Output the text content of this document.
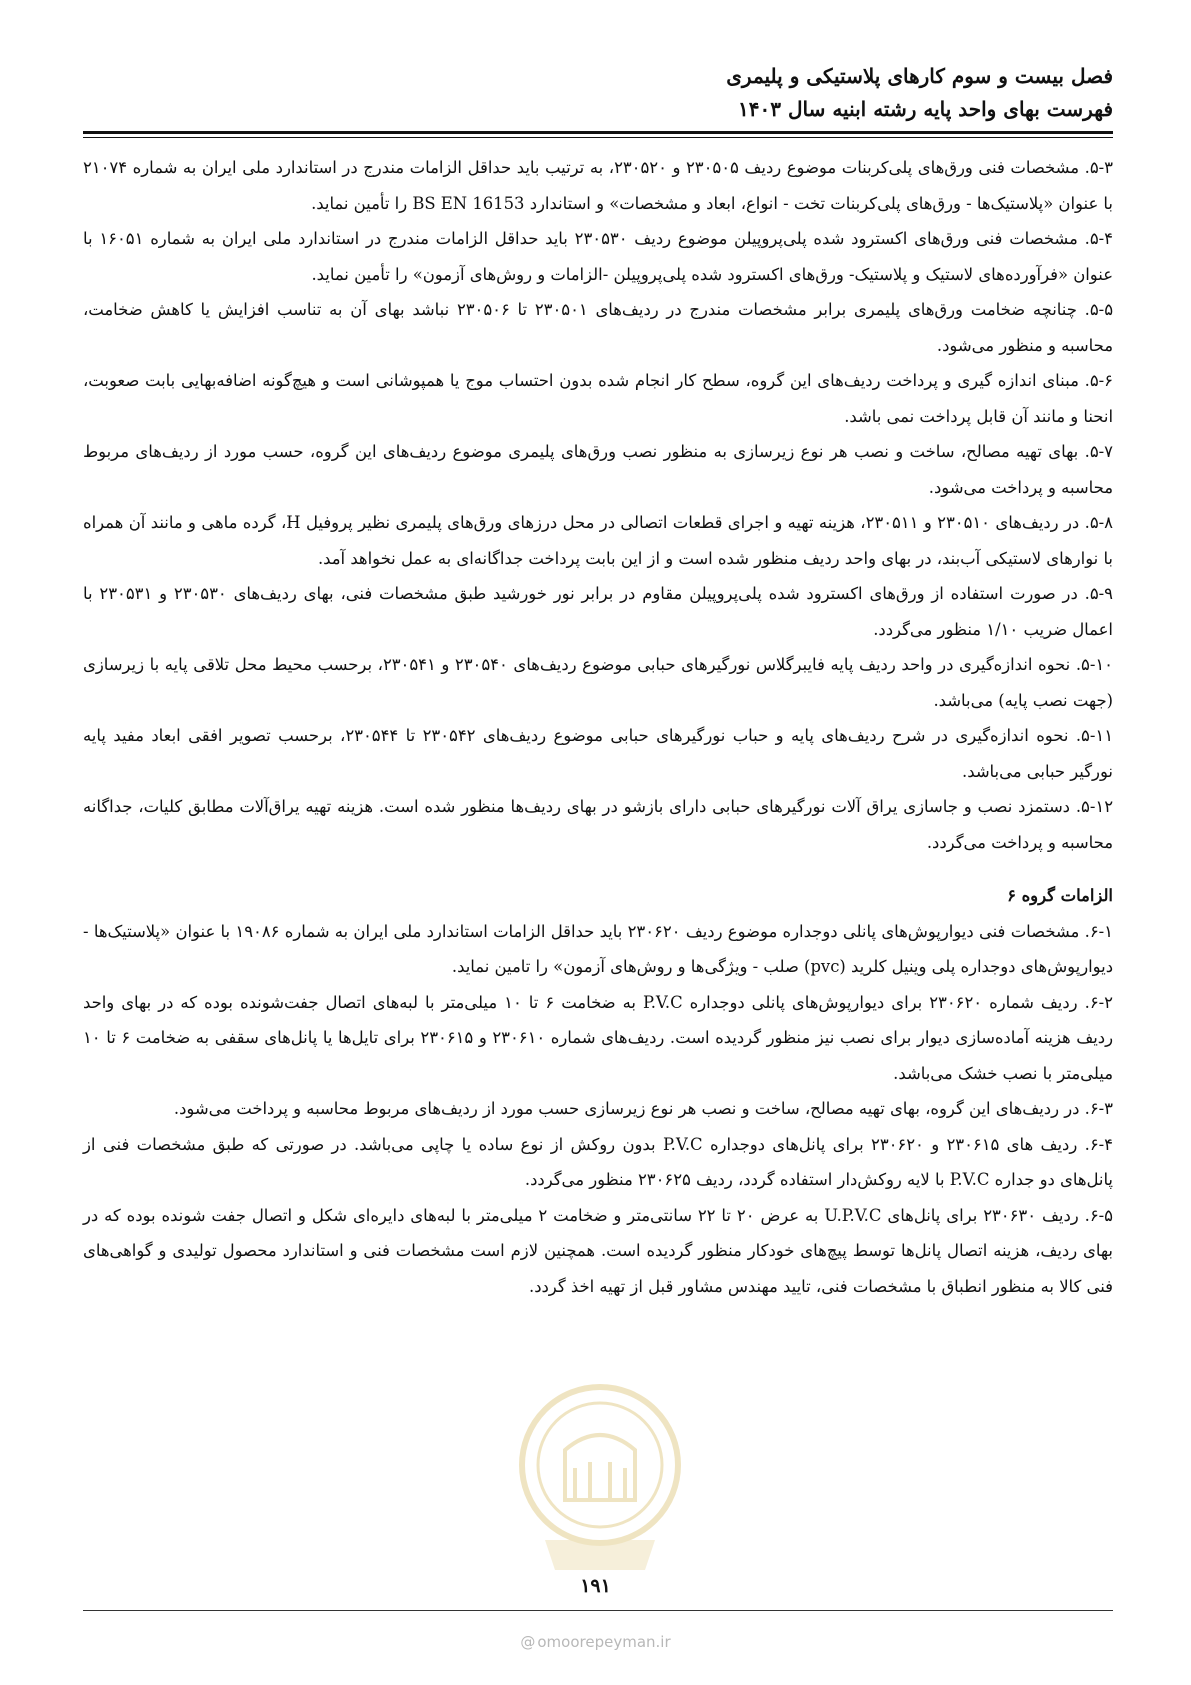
فصل بیست و سوم کارهای پلاستیکی و پلیمری
فهرست بهای واحد پایه رشته ابنیه سال ۱۴۰۳

۵-۳. مشخصات فنی ورق‌های پلی‌کربنات موضوع ردیف ۲۳۰۵۰۵ و ۲۳۰۵۲۰، به ترتیب باید حداقل الزامات مندرج در استاندارد ملی ایران به شماره ۲۱۰۷۴ با عنوان «پلاستیک‌ها - ورق‌های پلی‌کربنات تخت - انواع، ابعاد و مشخصات» و استاندارد BS EN 16153 را تأمین نماید.

۵-۴. مشخصات فنی ورق‌های اکسترود شده پلی‌پروپیلن موضوع ردیف ۲۳۰۵۳۰ باید حداقل الزامات مندرج در استاندارد ملی ایران به شماره ۱۶۰۵۱ با عنوان «فرآورده‌های لاستیک و پلاستیک- ورق‌های اکسترود شده پلی‌پروپیلن -الزامات و روش‌های آزمون» را تأمین نماید.

۵-۵. چنانچه ضخامت ورق‌های پلیمری برابر مشخصات مندرج در ردیف‌های ۲۳۰۵۰۱ تا ۲۳۰۵۰۶ نباشد بهای آن به تناسب افزایش یا کاهش ضخامت، محاسبه و منظور می‌شود.

۵-۶. مبنای اندازه گیری و پرداخت ردیف‌های این گروه، سطح کار انجام شده بدون احتساب موج یا همپوشانی است و هیچ‌گونه اضافه‌بهایی بابت صعوبت، انحنا و مانند آن قابل پرداخت نمی باشد.

۵-۷. بهای تهیه مصالح، ساخت و نصب هر نوع زیرسازی به منظور نصب ورق‌های پلیمری موضوع ردیف‌های این گروه، حسب مورد از ردیف‌های مربوط محاسبه و پرداخت می‌شود.

۵-۸. در ردیف‌های ۲۳۰۵۱۰ و ۲۳۰۵۱۱، هزینه تهیه و اجرای قطعات اتصالی در محل درزهای ورق‌های پلیمری نظیر پروفیل H، گرده ماهی و مانند آن همراه با نوارهای لاستیکی آب‌بند، در بهای واحد ردیف منظور شده است و از این بابت پرداخت جداگانه‌ای به عمل نخواهد آمد.

۵-۹. در صورت استفاده از ورق‌های اکسترود شده پلی‌پروپیلن مقاوم در برابر نور خورشید طبق مشخصات فنی، بهای ردیف‌های ۲۳۰۵۳۰ و ۲۳۰۵۳۱ با اعمال ضریب ۱/۱۰ منظور می‌گردد.

۵-۱۰. نحوه اندازه‌گیری در واحد ردیف پایه فایبرگلاس نورگیرهای حبابی موضوع ردیف‌های ۲۳۰۵۴۰ و ۲۳۰۵۴۱، برحسب محیط محل تلاقی پایه با زیرسازی (جهت نصب پایه) می‌باشد.

۵-۱۱. نحوه اندازه‌گیری در شرح ردیف‌های پایه و حباب نورگیرهای حبابی موضوع ردیف‌های ۲۳۰۵۴۲ تا ۲۳۰۵۴۴، برحسب تصویر افقی ابعاد مفید پایه نورگیر حبابی می‌باشد.

۵-۱۲. دستمزد نصب و جاسازی یراق آلات نورگیرهای حبابی دارای بازشو در بهای ردیف‌ها منظور شده است. هزینه تهیه یراق‌آلات مطابق کلیات، جداگانه محاسبه و پرداخت می‌گردد.

الزامات گروه ۶

۶-۱. مشخصات فنی دیوارپوش‌های پانلی دوجداره موضوع ردیف ۲۳۰۶۲۰ باید حداقل الزامات استاندارد ملی ایران به شماره ۱۹۰۸۶ با عنوان «پلاستیک‌ها - دیوارپوش‌های دوجداره پلی وینیل کلرید (pvc) صلب - ویژگی‌ها و روش‌های آزمون» را تامین نماید.

۶-۲. ردیف شماره ۲۳۰۶۲۰ برای دیوارپوش‌های پانلی دوجداره P.V.C به ضخامت ۶ تا ۱۰ میلی‌متر با لبه‌های اتصال جفت‌شونده بوده که در بهای واحد ردیف هزینه آماده‌سازی دیوار برای نصب نیز منظور گردیده است. ردیف‌های شماره ۲۳۰۶۱۰ و ۲۳۰۶۱۵ برای تایل‌ها یا پانل‌های سقفی به ضخامت ۶ تا ۱۰ میلی‌متر با نصب خشک می‌باشد.

۶-۳. در ردیف‌های این گروه، بهای تهیه مصالح، ساخت و نصب هر نوع زیرسازی حسب مورد از ردیف‌های مربوط محاسبه و پرداخت می‌شود.

۶-۴. ردیف های ۲۳۰۶۱۵ و ۲۳۰۶۲۰ برای پانل‌های دوجداره P.V.C بدون روکش از نوع ساده یا چاپی می‌باشد. در صورتی که طبق مشخصات فنی از پانل‌های دو جداره P.V.C با لایه روکش‌دار استفاده گردد، ردیف ۲۳۰۶۲۵ منظور می‌گردد.

۶-۵. ردیف ۲۳۰۶۳۰ برای پانل‌های U.P.V.C به عرض ۲۰ تا ۲۲ سانتی‌متر و ضخامت ۲ میلی‌متر با لبه‌های دایره‌ای شکل و اتصال جفت شونده بوده که در بهای ردیف، هزینه اتصال پانل‌ها توسط پیچ‌های خودکار منظور گردیده است. همچنین لازم است مشخصات فنی و استاندارد محصول تولیدی و گواهی‌های فنی کالا به منظور انطباق با مشخصات فنی، تایید مهندس مشاور قبل از تهیه اخذ گردد.

۱۹۱
@ omoorepeyman.ir
